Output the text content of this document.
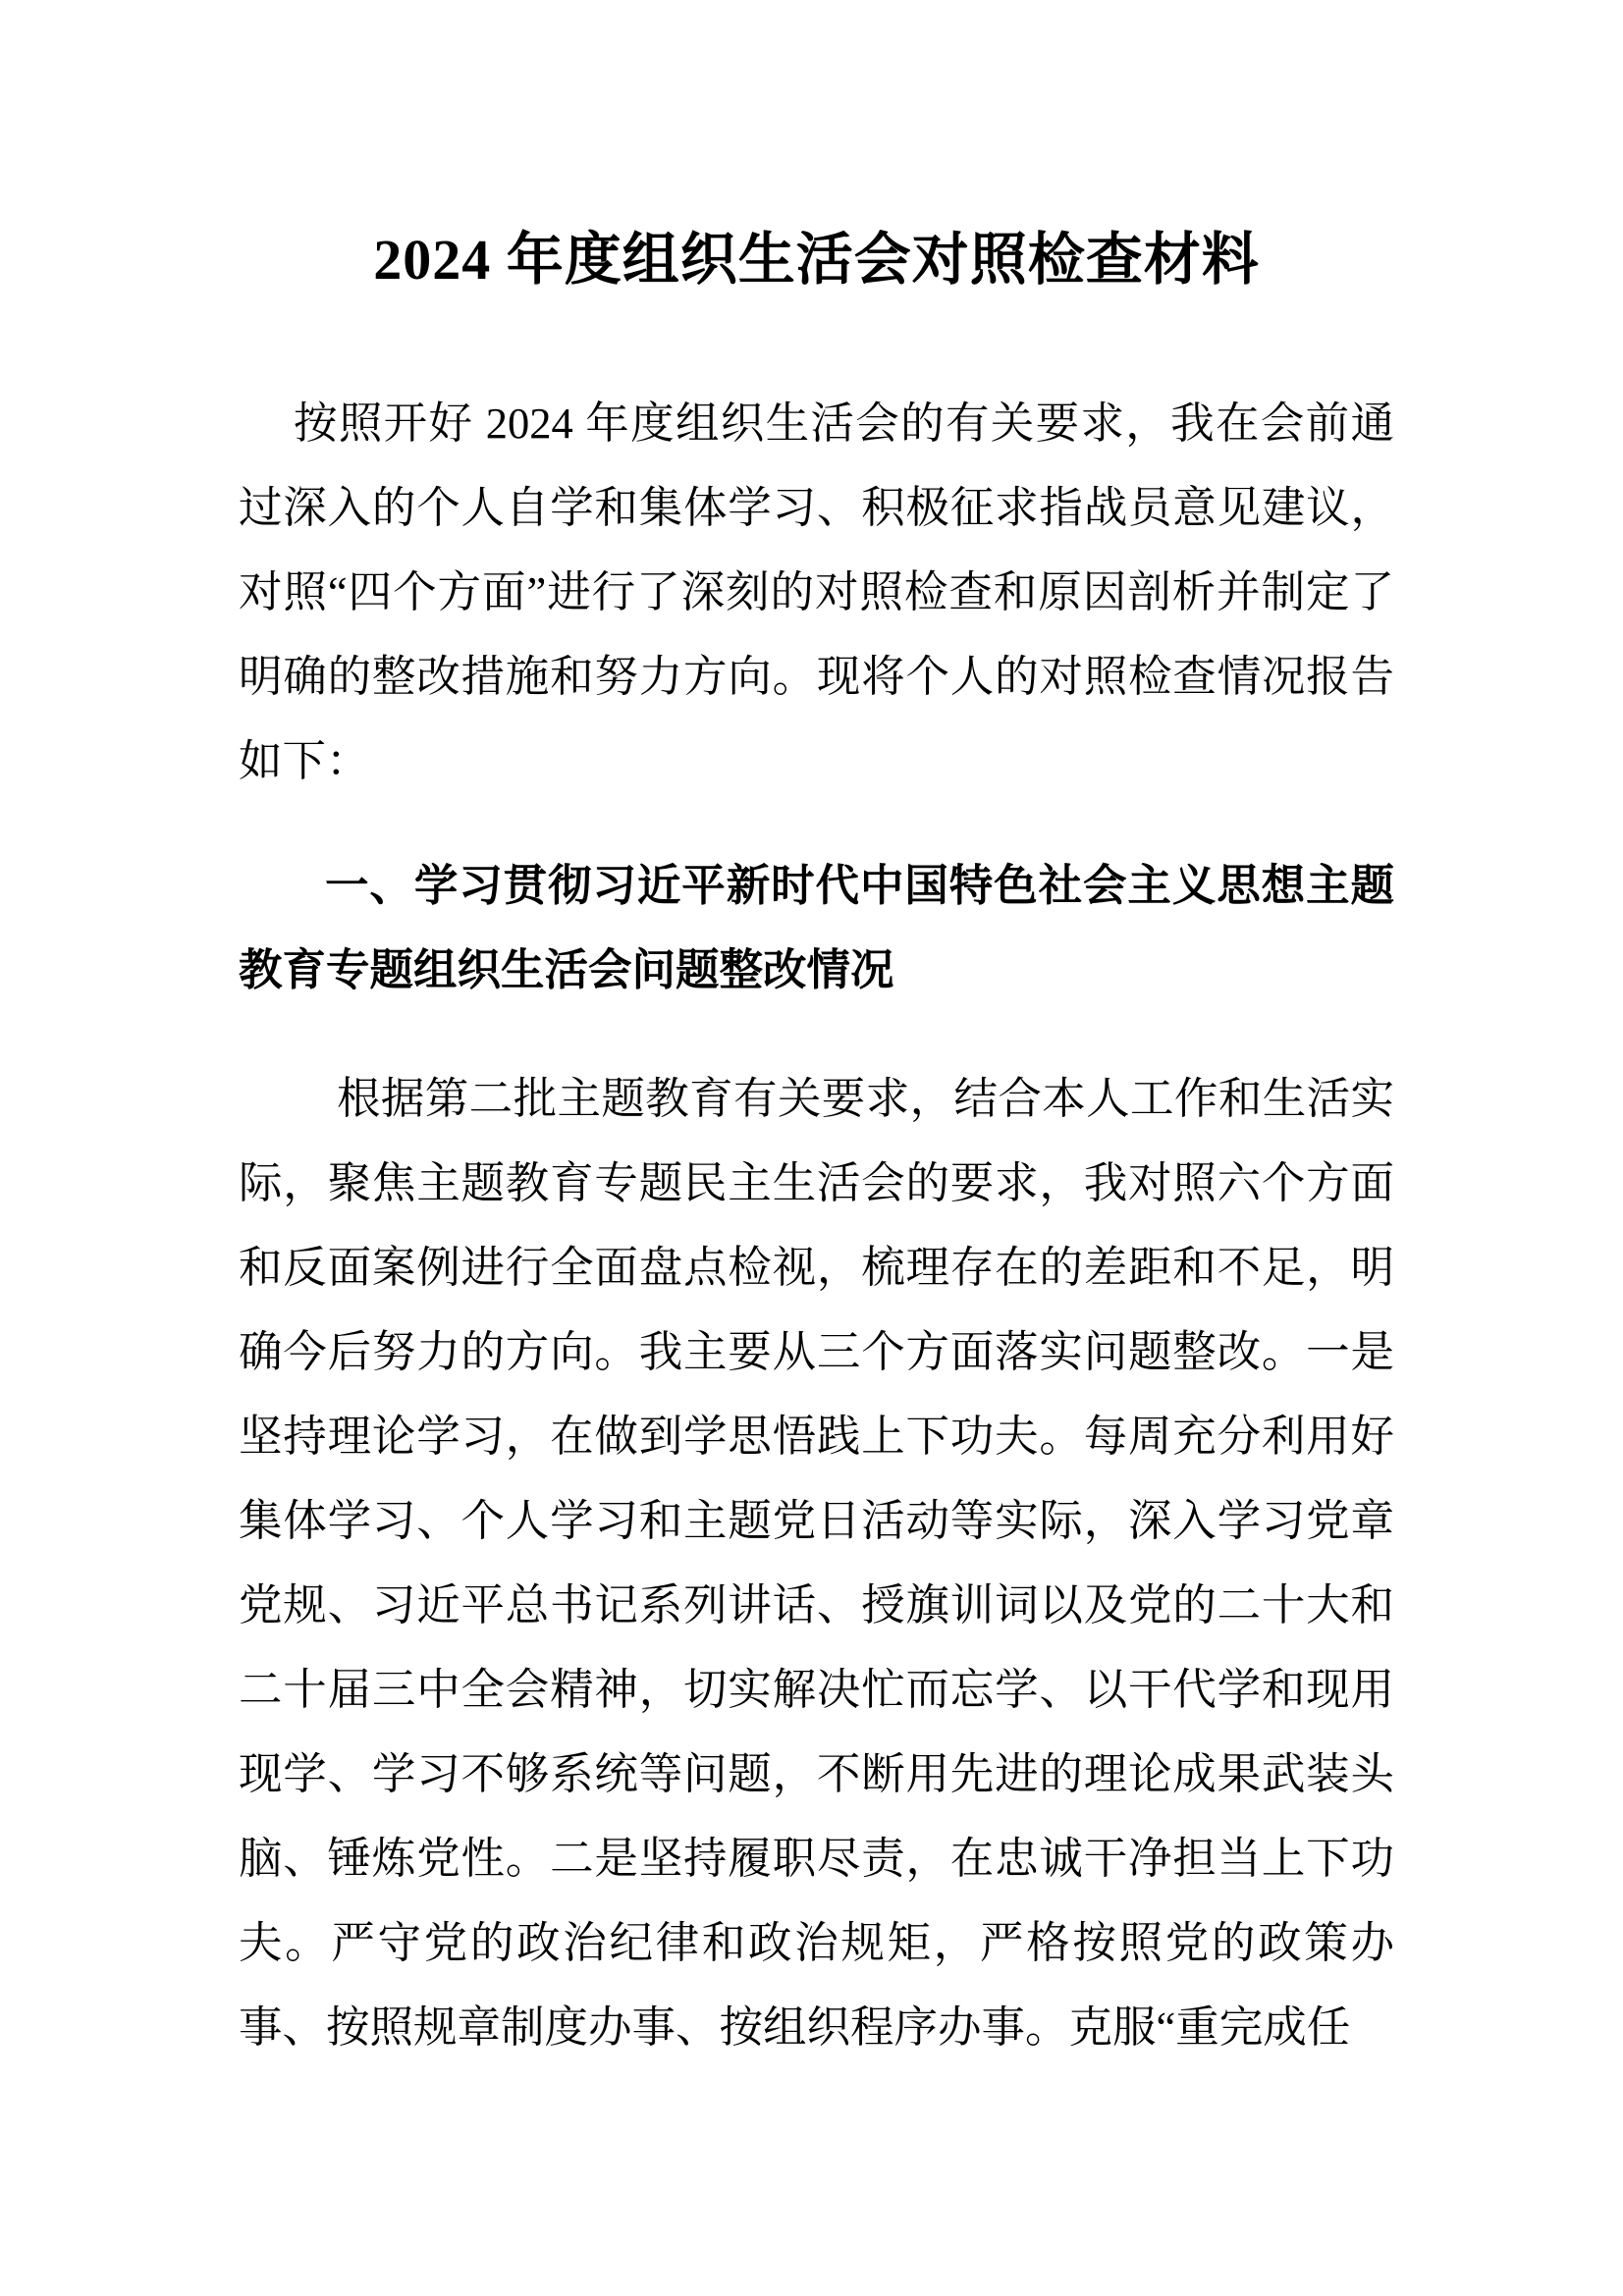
2024 年度组织生活会对照检查材料

按照开好 2024 年度组织生活会的有关要求，我在会前通过深入的个人自学和集体学习、积极征求指战员意见建议，对照“四个方面”进行了深刻的对照检查和原因剖析并制定了明确的整改措施和努力方向。现将个人的对照检查情况报告如下：

一、学习贯彻习近平新时代中国特色社会主义思想主题教育专题组织生活会问题整改情况

根据第二批主题教育有关要求，结合本人工作和生活实际，聚焦主题教育专题民主生活会的要求，我对照六个方面和反面案例进行全面盘点检视，梳理存在的差距和不足，明确今后努力的方向。我主要从三个方面落实问题整改。一是坚持理论学习，在做到学思悟践上下功夫。每周充分利用好集体学习、个人学习和主题党日活动等实际，深入学习党章党规、习近平总书记系列讲话、授旗训词以及党的二十大和二十届三中全会精神，切实解决忙而忘学、以干代学和现用现学、学习不够系统等问题，不断用先进的理论成果武装头脑、锤炼党性。二是坚持履职尽责，在忠诚干净担当上下功夫。严守党的政治纪律和政治规矩，严格按照党的政策办事、按照规章制度办事、按组织程序办事。克服“重完成任
